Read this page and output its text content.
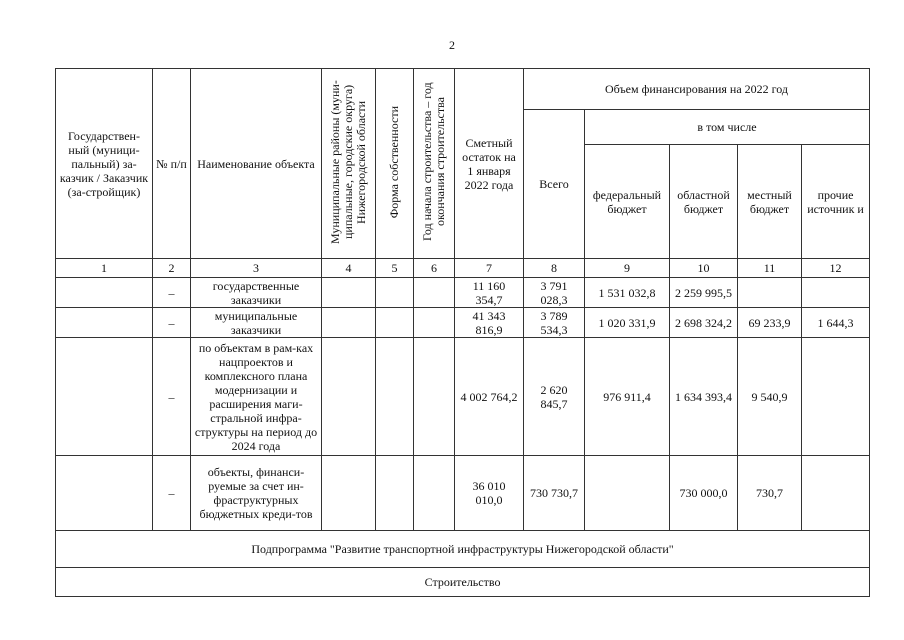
2
Государствен-ный (муници-пальный) за-казчик / Заказчик (за-стройщик)	№ п/п	Наименование объекта	Муниципальные районы (муни-ципальные, городские округа) Нижегородской области	Форма собственности	Год начала строительства – год окончания строительства	Сметный остаток на 1 января 2022 года	Объем финансирования на 2022 год				
							Всего	в том числе			
								федеральный бюджет	областной бюджет	местный бюджет	прочие источник и
1	2	3	4	5	6	7	8	9	10	11	12
	–	государственные заказчики				11 160 354,7	3 791 028,3	1 531 032,8	2 259 995,5		
	–	муниципальные заказчики				41 343 816,9	3 789 534,3	1 020 331,9	2 698 324,2	69 233,9	1 644,3
	–	по объектам в рам-ках нацпроектов и комплексного плана модернизации и расширения маги-стральной инфра-структуры на период до 2024 года				4 002 764,2	2 620 845,7	976 911,4	1 634 393,4	9 540,9	
	–	объекты, финанси-руемые за счет ин-фраструктурных бюджетных креди-тов				36 010 010,0	730 730,7		730 000,0	730,7	
Подпрограмма "Развитие транспортной инфраструктуры Нижегородской области"											
Строительство											
